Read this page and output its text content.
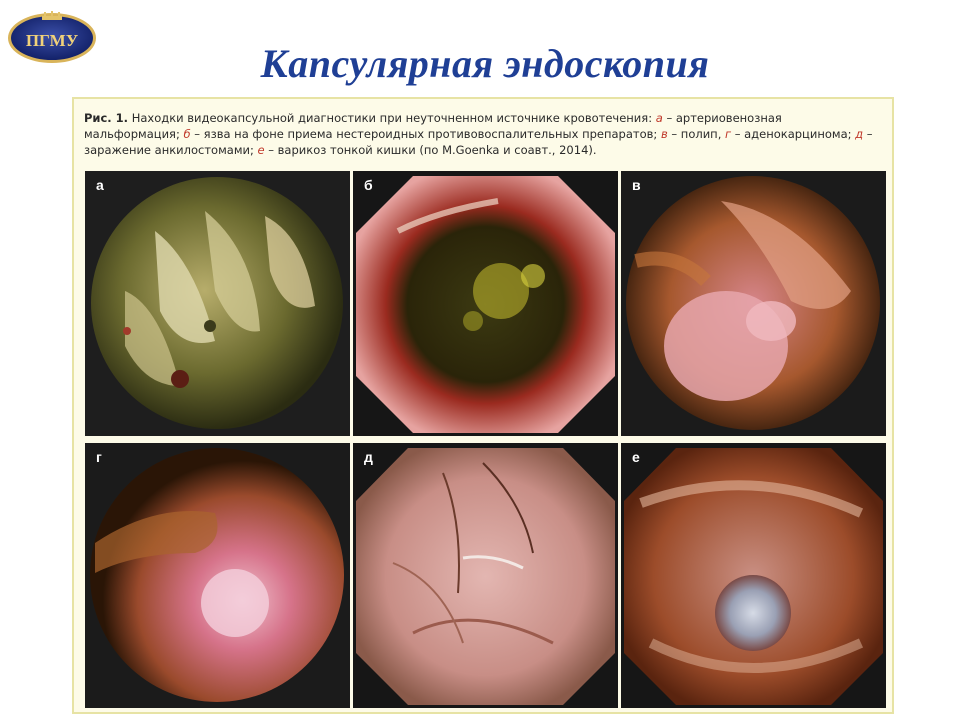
ПГМУ
Капсулярная эндоскопия
Рис. 1. Находки видеокапсульной диагностики при неуточненном источнике кровотечения: а – артериовенозная мальформация; б – язва на фоне приема нестероидных противовоспалительных препаратов; в – полип, г – аденокарцинома; д – заражение анкилостомами; е – варикоз тонкой кишки (по M.Goenka и соавт., 2014).
а	б	в
г	д	е
